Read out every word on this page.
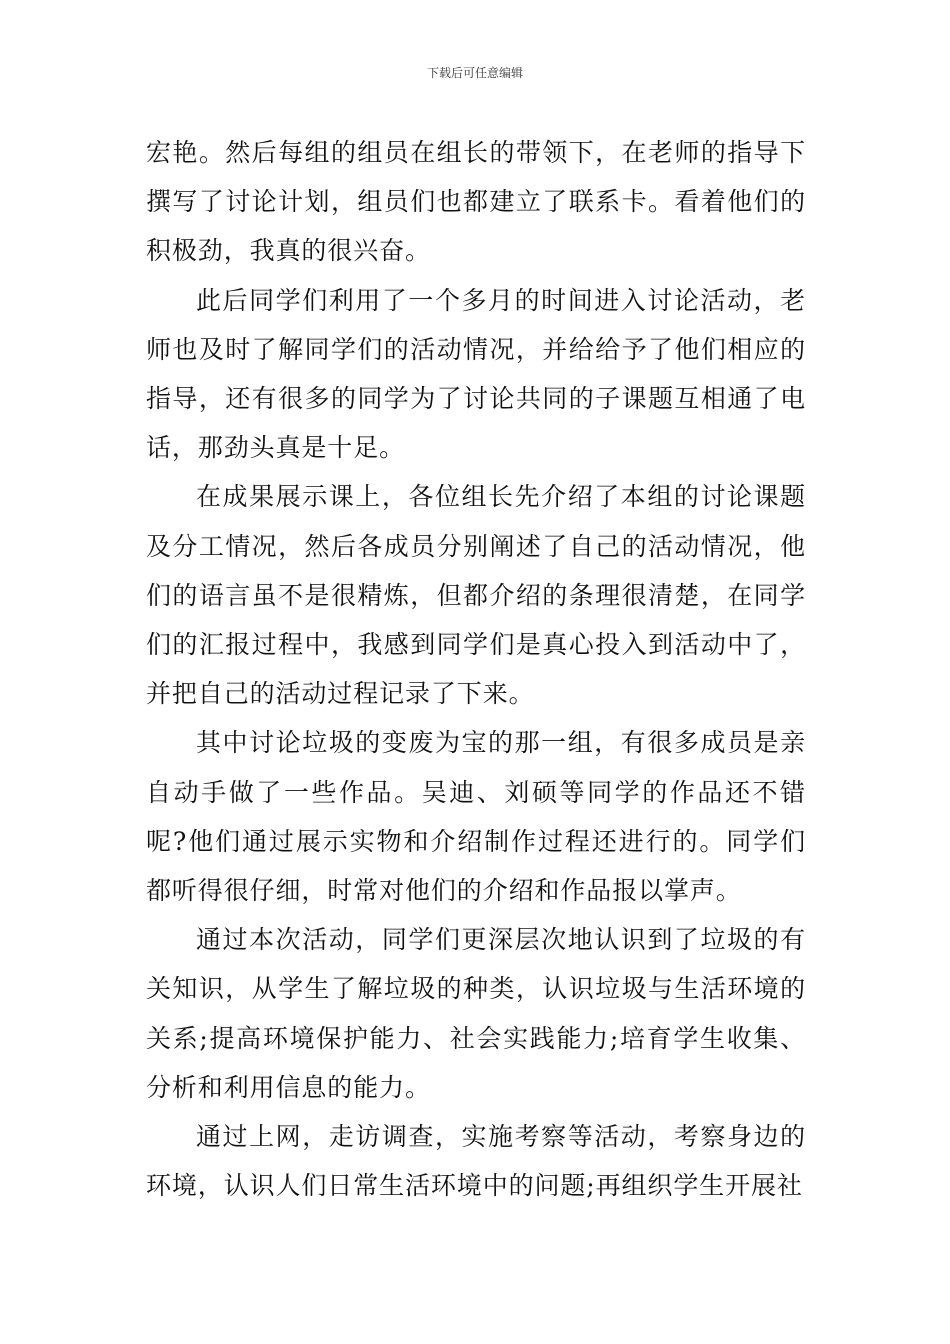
下载后可任意编辑

宏艳。然后每组的组员在组长的带领下，在老师的指导下撰写了讨论计划，组员们也都建立了联系卡。看着他们的积极劲，我真的很兴奋。

此后同学们利用了一个多月的时间进入讨论活动，老师也及时了解同学们的活动情况，并给给予了他们相应的指导，还有很多的同学为了讨论共同的子课题互相通了电话，那劲头真是十足。

在成果展示课上，各位组长先介绍了本组的讨论课题及分工情况，然后各成员分别阐述了自己的活动情况，他们的语言虽不是很精炼，但都介绍的条理很清楚，在同学们的汇报过程中，我感到同学们是真心投入到活动中了，并把自己的活动过程记录了下来。

其中讨论垃圾的变废为宝的那一组，有很多成员是亲自动手做了一些作品。吴迪、刘硕等同学的作品还不错呢?他们通过展示实物和介绍制作过程还进行的。同学们都听得很仔细，时常对他们的介绍和作品报以掌声。

通过本次活动，同学们更深层次地认识到了垃圾的有关知识，从学生了解垃圾的种类，认识垃圾与生活环境的关系;提高环境保护能力、社会实践能力;培育学生收集、分析和利用信息的能力。

通过上网，走访调查，实施考察等活动，考察身边的环境，认识人们日常生活环境中的问题;再组织学生开展社
